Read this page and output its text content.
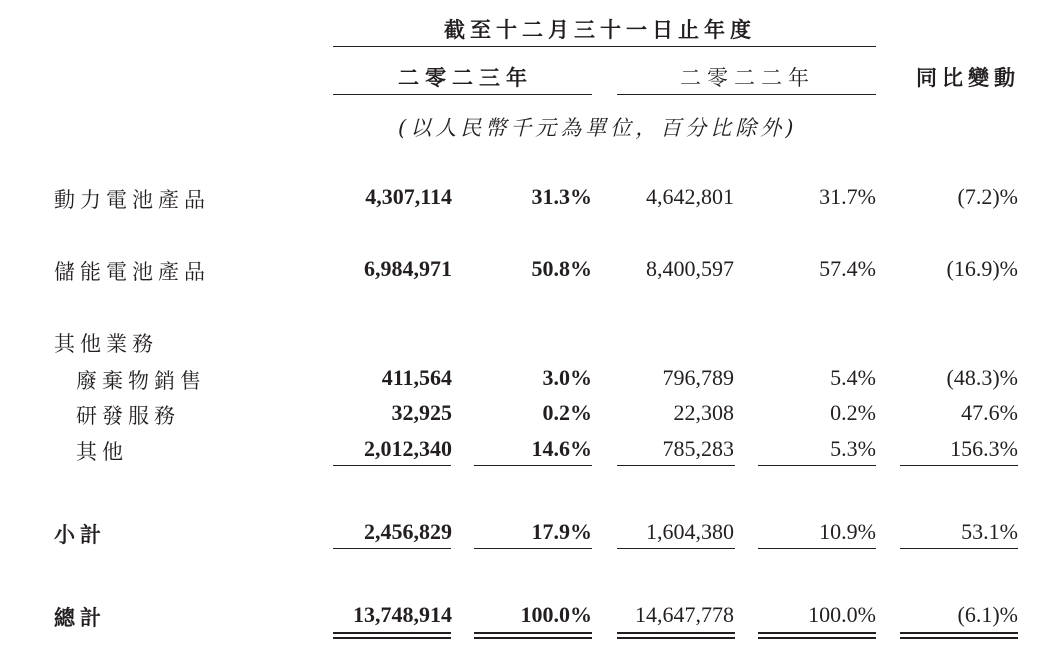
截至十二月三十一日止年度
二零二三年	二零二二年	同比變動
(以人民幣千元為單位，百分比除外)
動力電池產品	4,307,114	31.3% 4,642,801	31.7%	(7.2)%
儲能電池產品	6,984,971	50.8% 8,400,597	57.4%	(16.9)%
其他業務
廢棄物銷售	411,564	3.0%	796,789	5.4%	(48.3)%
研發服務	32,925	0.2%	22,308	0.2%	47.6%
其他	2,012,340	14.6%	785,283	5.3%	156.3%
小計	2,456,829	17.9% 1,604,380	10.9%	53.1%
總計	13,748,914	100.0% 14,647,778	100.0%	(6.1)%
